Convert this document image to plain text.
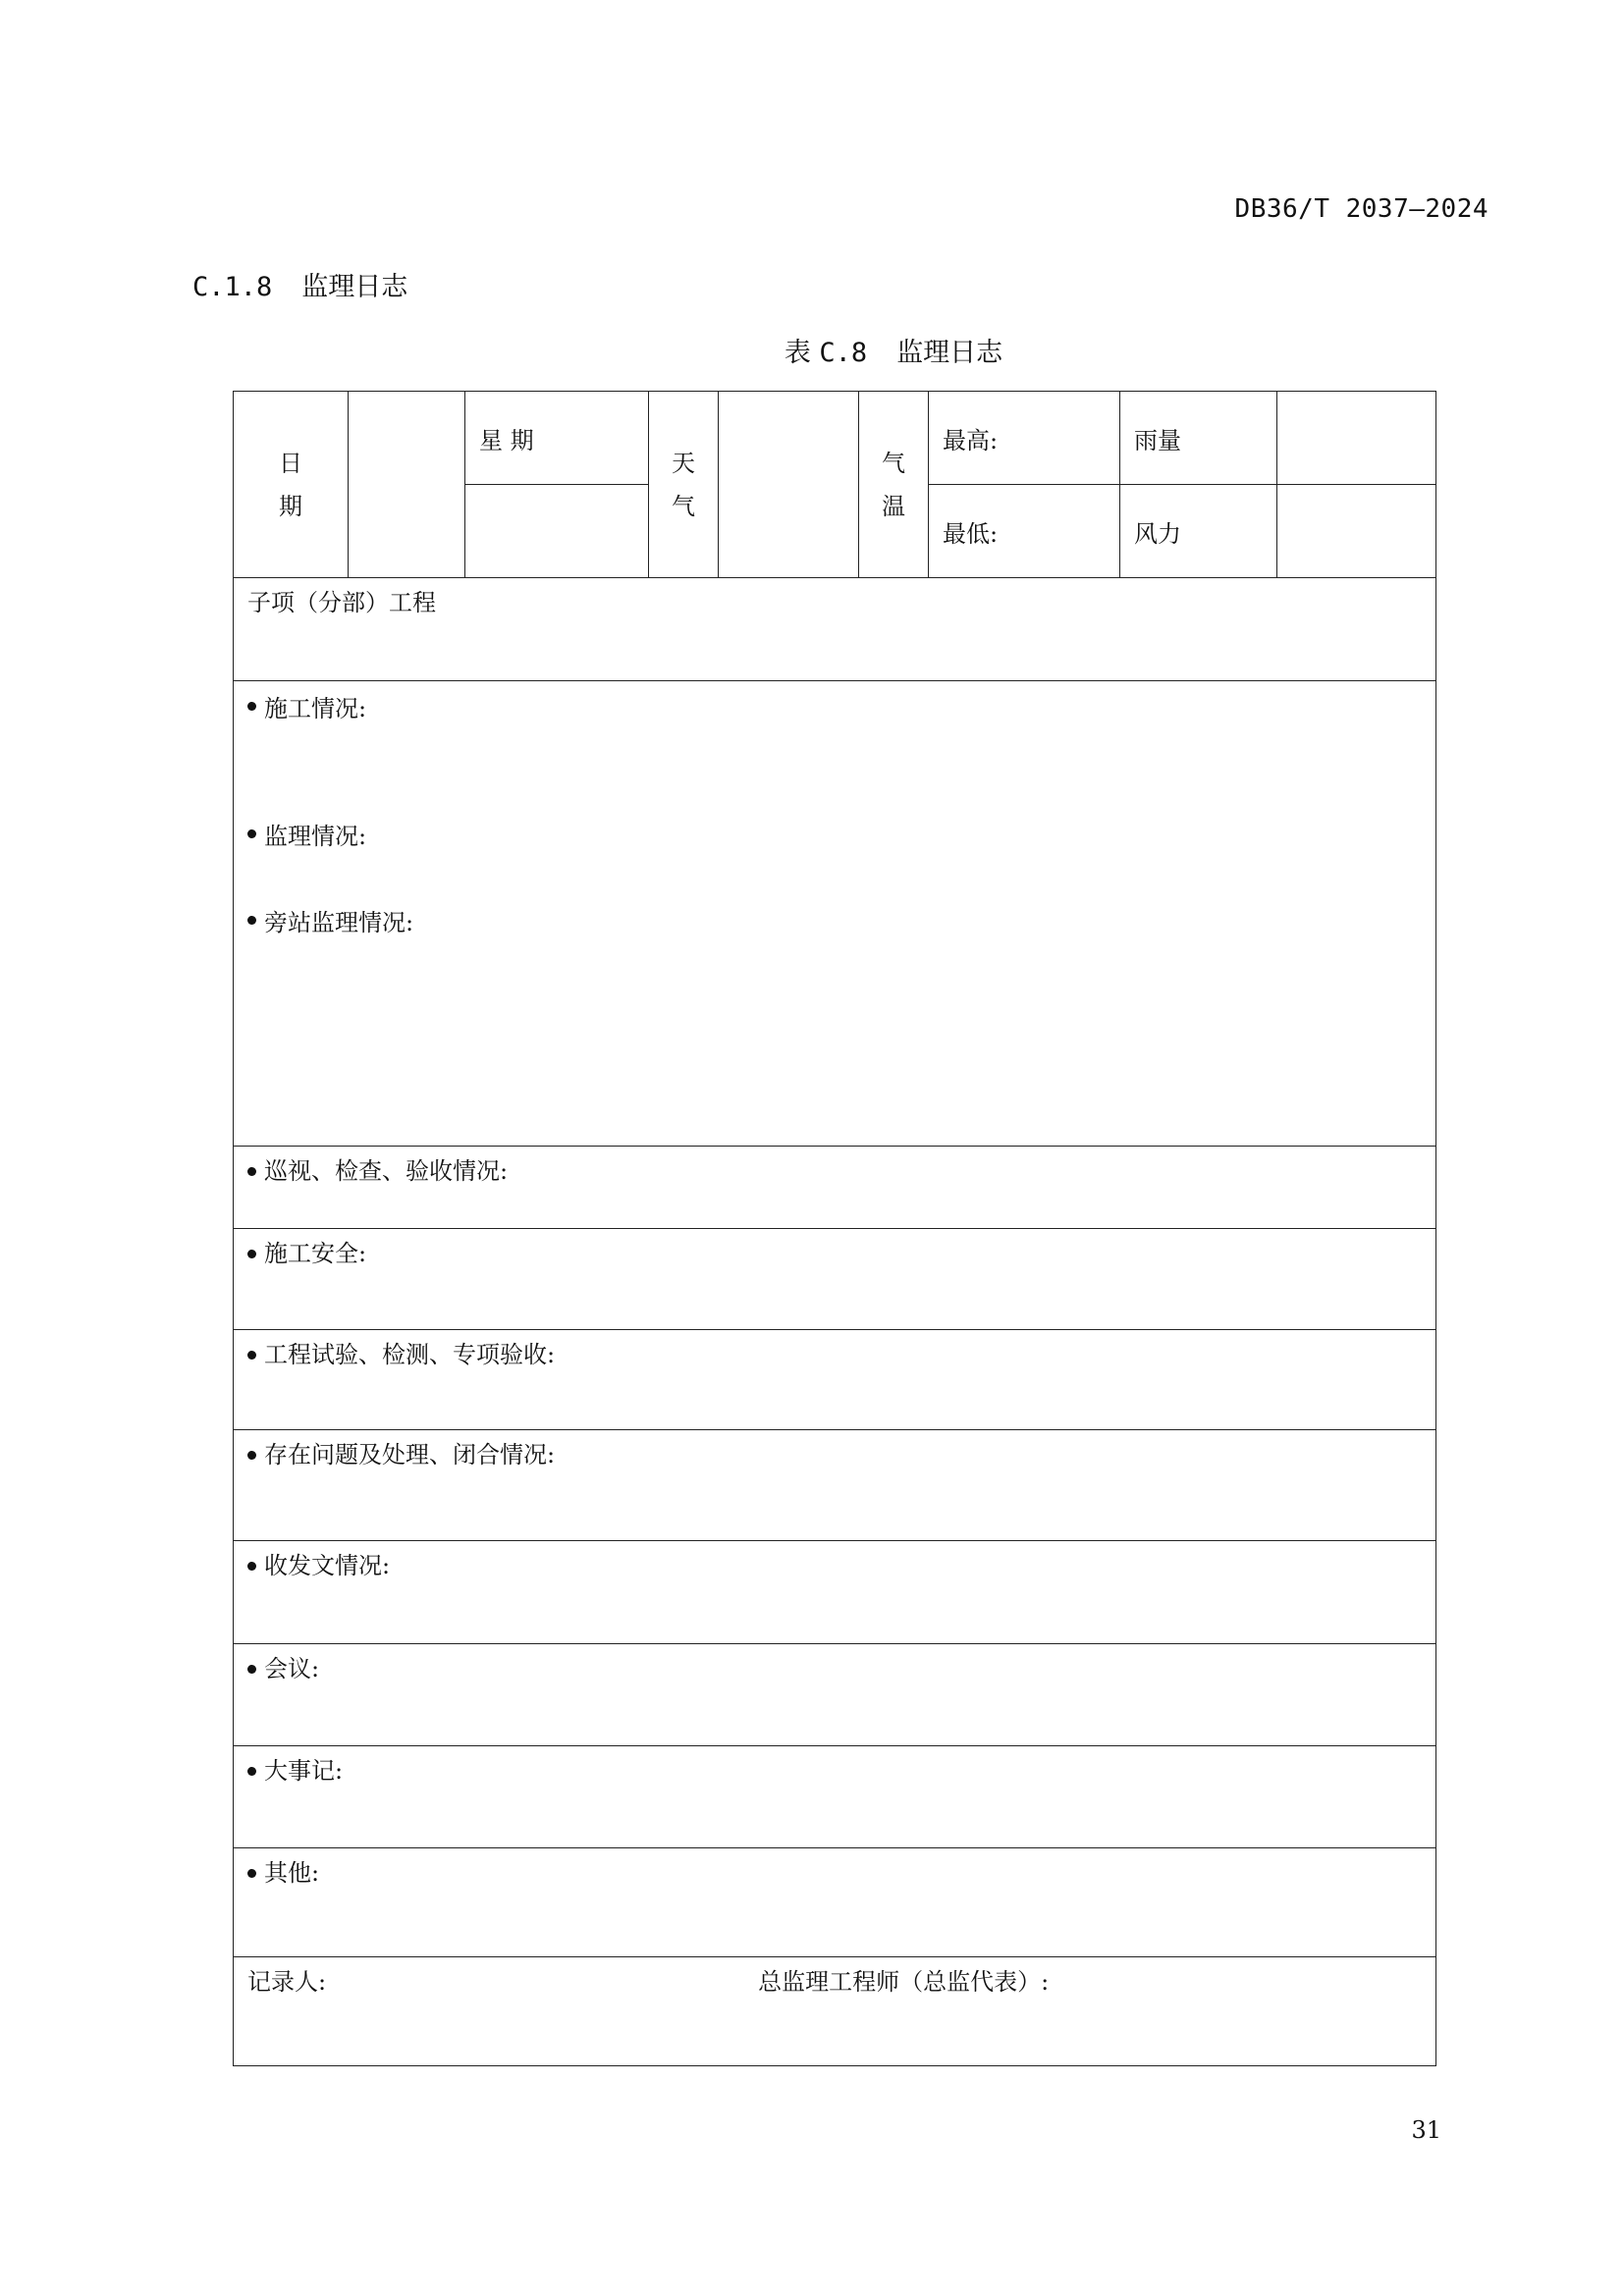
DB36/T 2037—2024
C.1.8 监理日志
表 C.8 监理日志
日期		星 期	天气		气温	最高:	雨量	
						最低:	风力	
子项（分部）工程								

施工情况:
监理情况:
旁站监理情况:								

巡视、检查、验收情况:								

施工安全:								

工程试验、检测、专项验收:								

存在问题及处理、闭合情况:								

收发文情况:								

会议:								

大事记:								

其他:								

记录人: 总监理工程师（总监代表）:								
31
